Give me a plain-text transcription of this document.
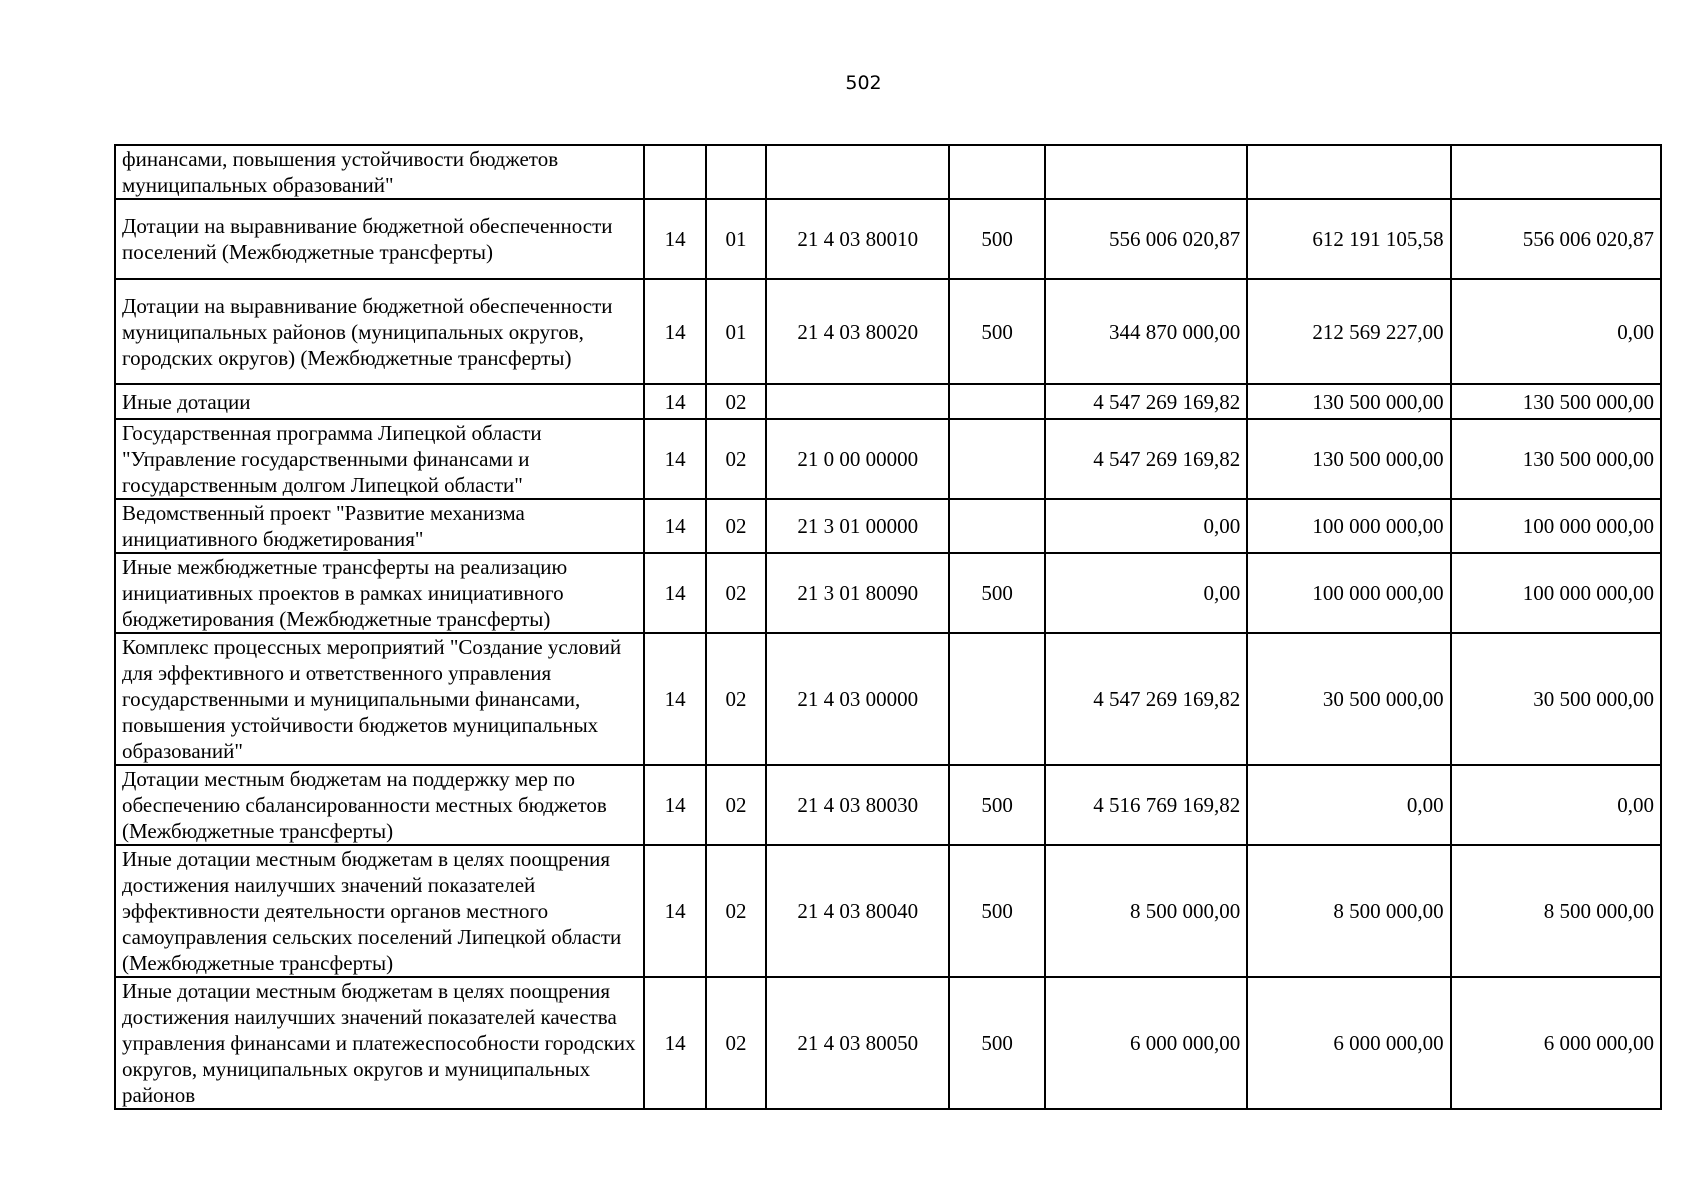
502
финансами, повышения устойчивости бюджетов муниципальных образований"							
Дотации на выравнивание бюджетной обеспеченности поселений (Межбюджетные трансферты)	14	01	21 4 03 80010	500	556 006 020,87	612 191 105,58	556 006 020,87
Дотации на выравнивание бюджетной обеспеченности муниципальных районов (муниципальных округов, городских округов) (Межбюджетные трансферты)	14	01	21 4 03 80020	500	344 870 000,00	212 569 227,00	0,00
Иные дотации	14	02			4 547 269 169,82	130 500 000,00	130 500 000,00
Государственная программа Липецкой области "Управление государственными финансами и государственным долгом Липецкой области"	14	02	21 0 00 00000		4 547 269 169,82	130 500 000,00	130 500 000,00
Ведомственный проект "Развитие механизма инициативного бюджетирования"	14	02	21 3 01 00000		0,00	100 000 000,00	100 000 000,00
Иные межбюджетные трансферты на реализацию инициативных проектов в рамках инициативного бюджетирования (Межбюджетные трансферты)	14	02	21 3 01 80090	500	0,00	100 000 000,00	100 000 000,00
Комплекс процессных мероприятий "Создание условий для эффективного и ответственного управления государственными и муниципальными финансами, повышения устойчивости бюджетов муниципальных образований"	14	02	21 4 03 00000		4 547 269 169,82	30 500 000,00	30 500 000,00
Дотации местным бюджетам на поддержку мер по обеспечению сбалансированности местных бюджетов (Межбюджетные трансферты)	14	02	21 4 03 80030	500	4 516 769 169,82	0,00	0,00
Иные дотации местным бюджетам в целях поощрения достижения наилучших значений показателей эффективности деятельности органов местного самоуправления сельских поселений Липецкой области (Межбюджетные трансферты)	14	02	21 4 03 80040	500	8 500 000,00	8 500 000,00	8 500 000,00
Иные дотации местным бюджетам в целях поощрения достижения наилучших значений показателей качества управления финансами и платежеспособности городских округов, муниципальных округов и муниципальных районов	14	02	21 4 03 80050	500	6 000 000,00	6 000 000,00	6 000 000,00
